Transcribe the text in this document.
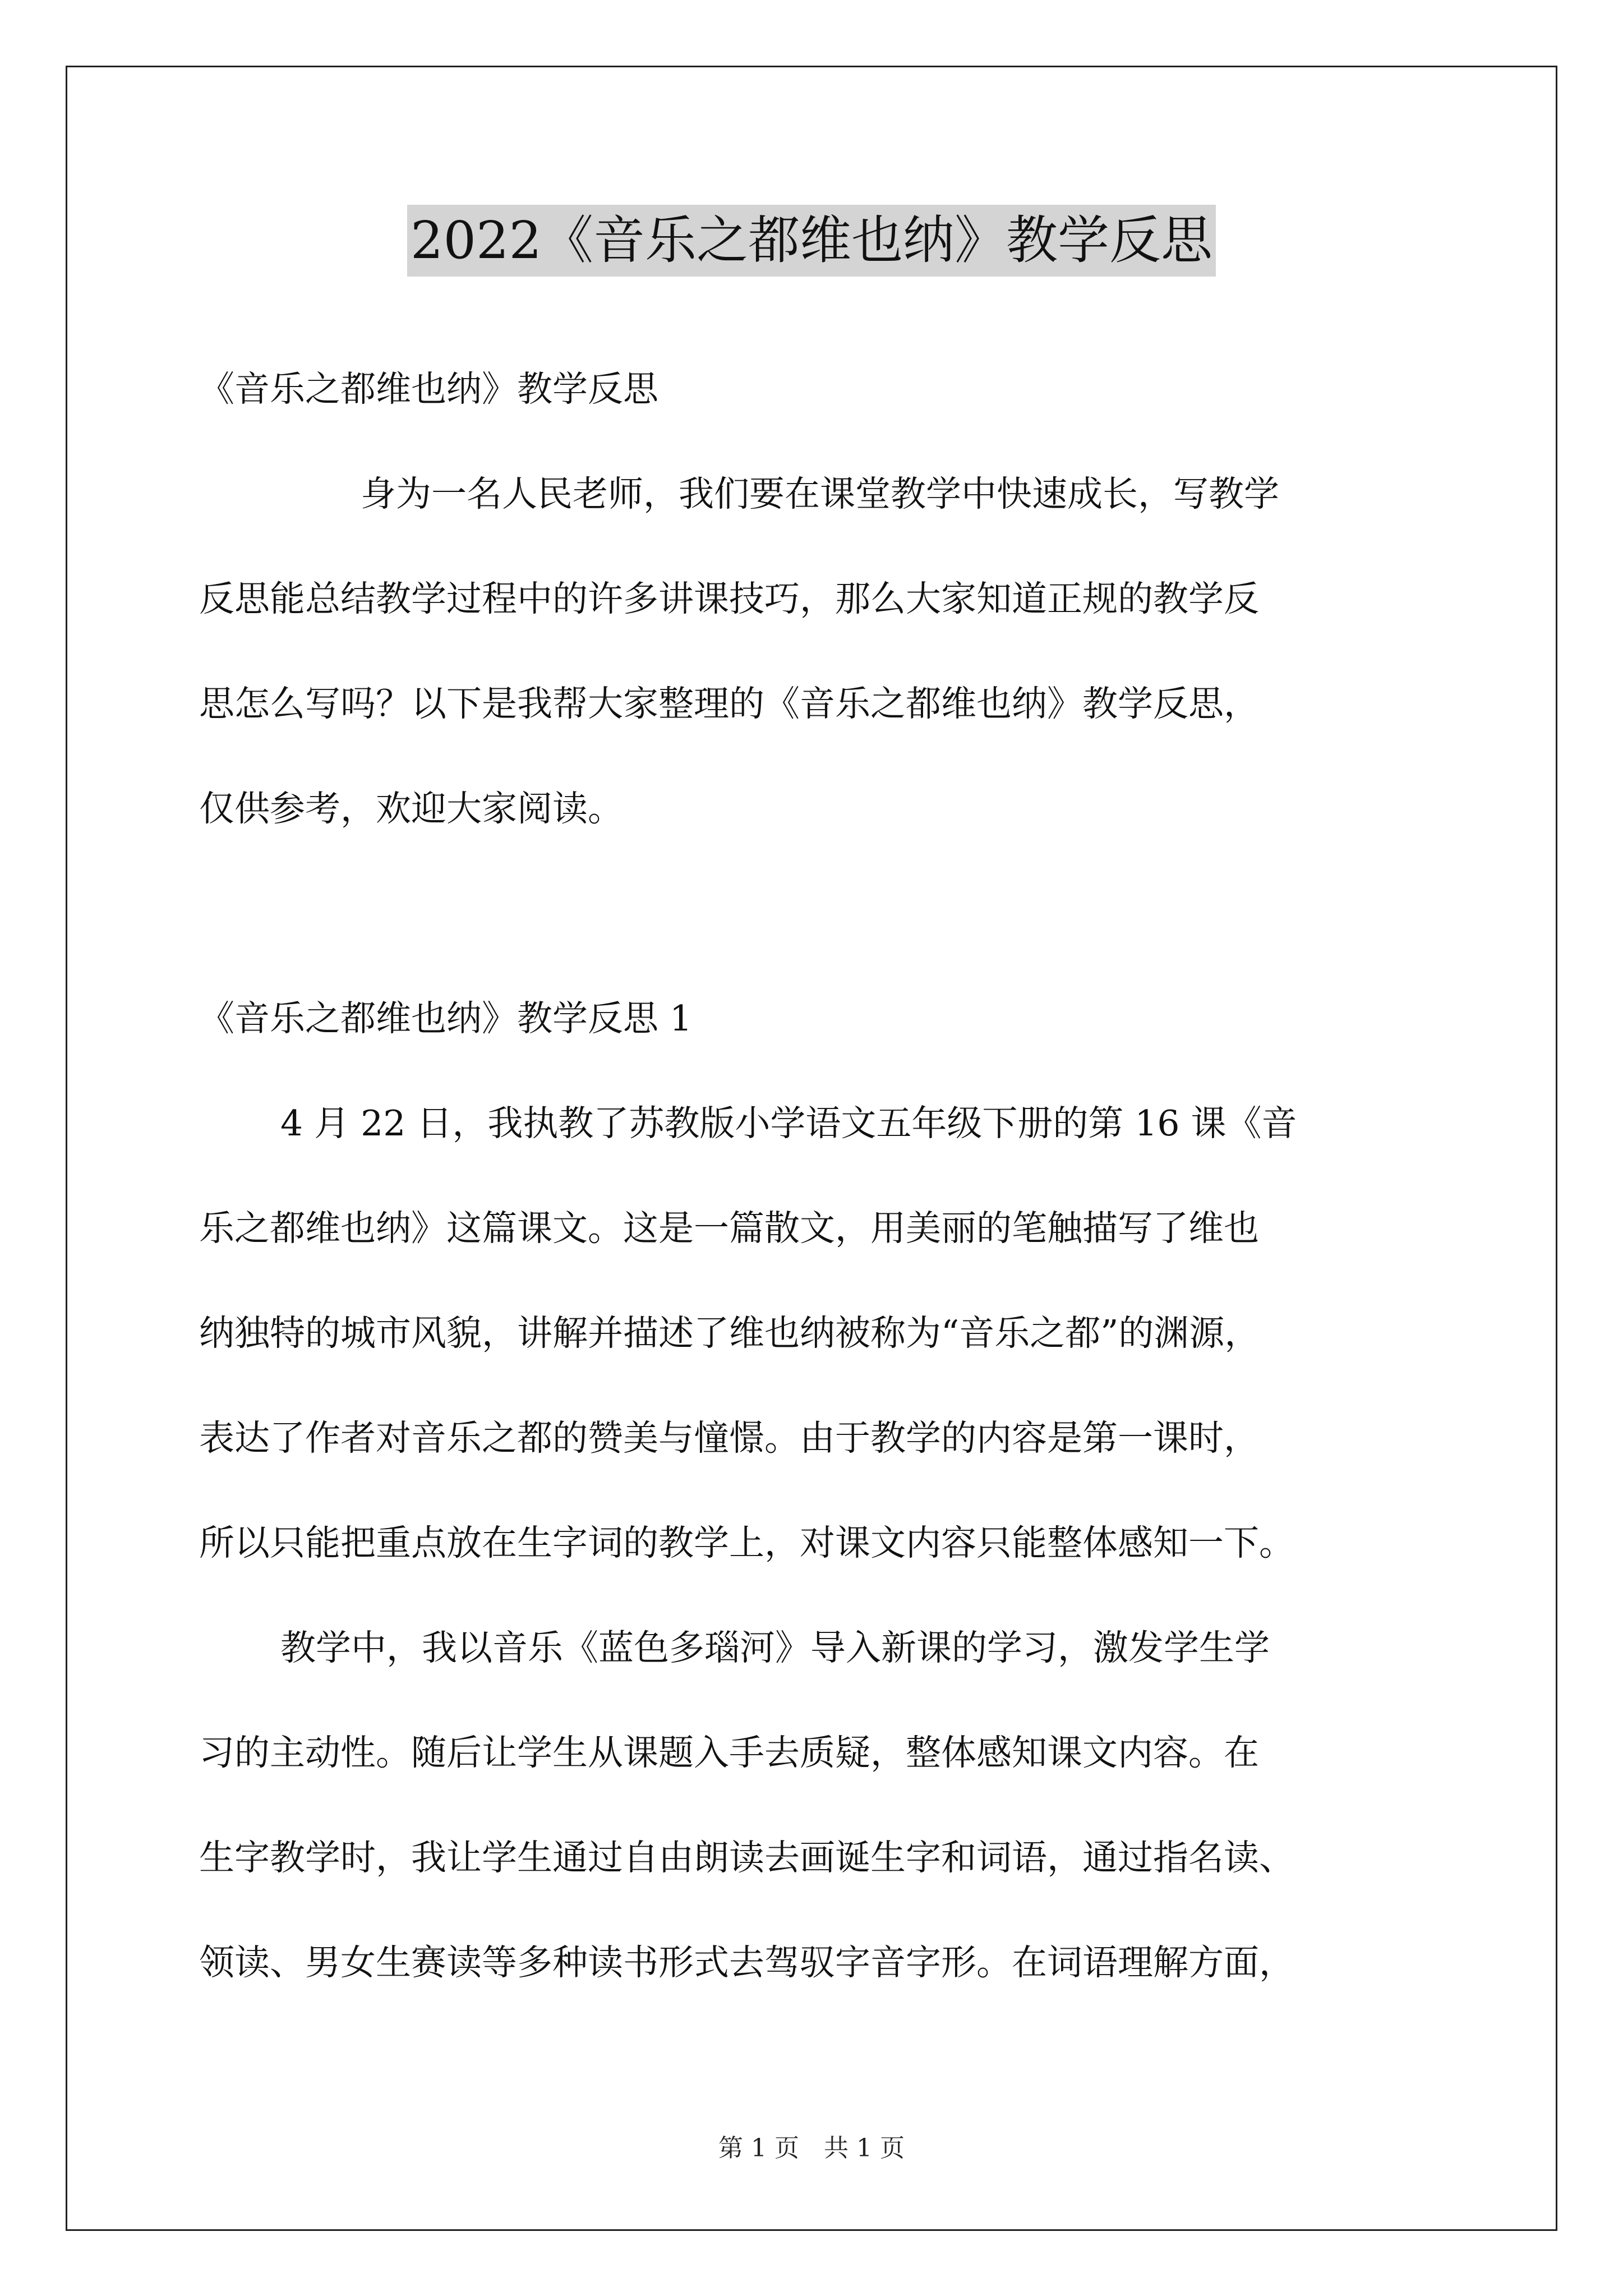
2022《音乐之都维也纳》教学反思
《音乐之都维也纳》教学反思
身为一名人民老师，我们要在课堂教学中快速成长，写教学
反思能总结教学过程中的许多讲课技巧，那么大家知道正规的教学反
思怎么写吗？以下是我帮大家整理的《音乐之都维也纳》教学反思，
仅供参考，欢迎大家阅读。
《音乐之都维也纳》教学反思 1
4 月 22 日，我执教了苏教版小学语文五年级下册的第 16 课《音
乐之都维也纳》这篇课文。这是一篇散文，用美丽的笔触描写了维也
纳独特的城市风貌，讲解并描述了维也纳被称为“音乐之都”的渊源，
表达了作者对音乐之都的赞美与憧憬。由于教学的内容是第一课时，
所以只能把重点放在生字词的教学上，对课文内容只能整体感知一下。
教学中，我以音乐《蓝色多瑙河》导入新课的学习，激发学生学
习的主动性。随后让学生从课题入手去质疑，整体感知课文内容。在
生字教学时，我让学生通过自由朗读去画诞生字和词语，通过指名读、
领读、男女生赛读等多种读书形式去驾驭字音字形。在词语理解方面，
第 1 页　共 1 页
